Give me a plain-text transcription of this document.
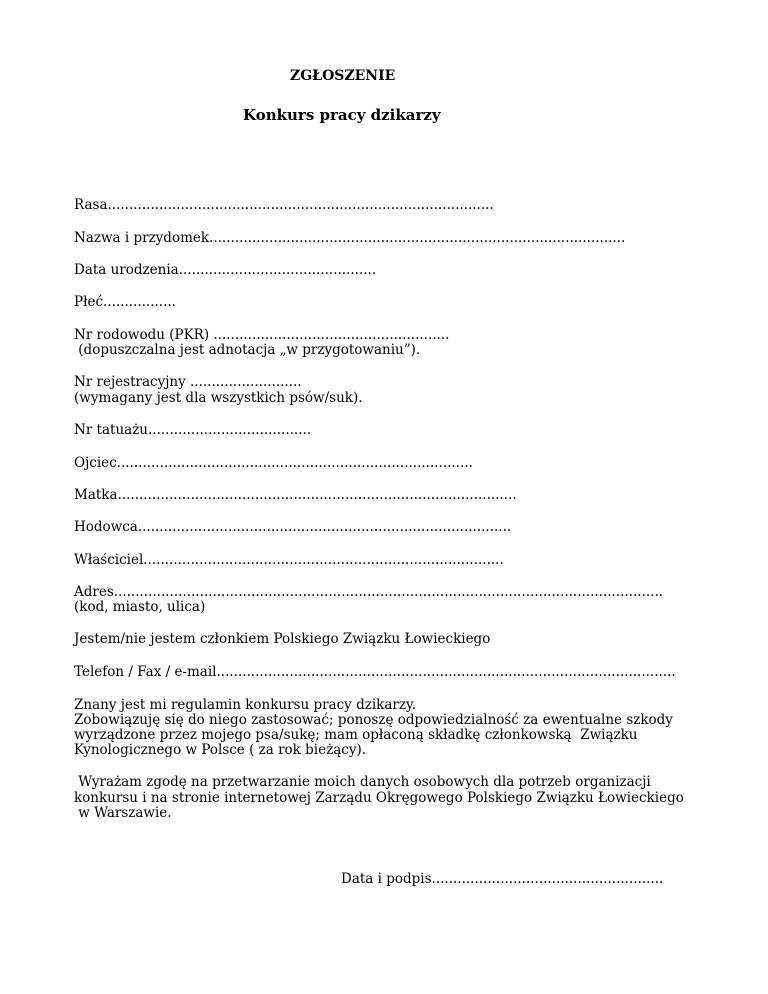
ZGŁOSZENIE
Konkurs pracy dzikarzy
Rasa..........................................................................................
Nazwa i przydomek.................................................................................................
Data urodzenia..............................................
Płeć.................
Nr rodowodu (PKR) .......................................................
(dopuszczalna jest adnotacja „w przygotowaniu”).
Nr rejestracyjny ..........................
(wymagany jest dla wszystkich psów/suk).
Nr tatuażu......................................
Ojciec...................................................................................
Matka.............................................................................................
Hodowca.......................................................................................
Właściciel....................................................................................
Adres................................................................................................................................
(kod, miasto, ulica)
Jestem/nie jestem członkiem Polskiego Związku Łowieckiego
Telefon / Fax / e-mail...........................................................................................................
Znany jest mi regulamin konkursu pracy dzikarzy.
Zobowiązuję się do niego zastosować; ponoszę odpowiedzialność za ewentualne szkody
wyrządzone przez mojego psa/sukę; mam opłaconą składkę członkowską  Związku
Kynologicznego w Polsce ( za rok bieżący).
Wyrażam zgodę na przetwarzanie moich danych osobowych dla potrzeb organizacji
konkursu i na stronie internetowej Zarządu Okręgowego Polskiego Związku Łowieckiego
w Warszawie.
Data i podpis......................................................
